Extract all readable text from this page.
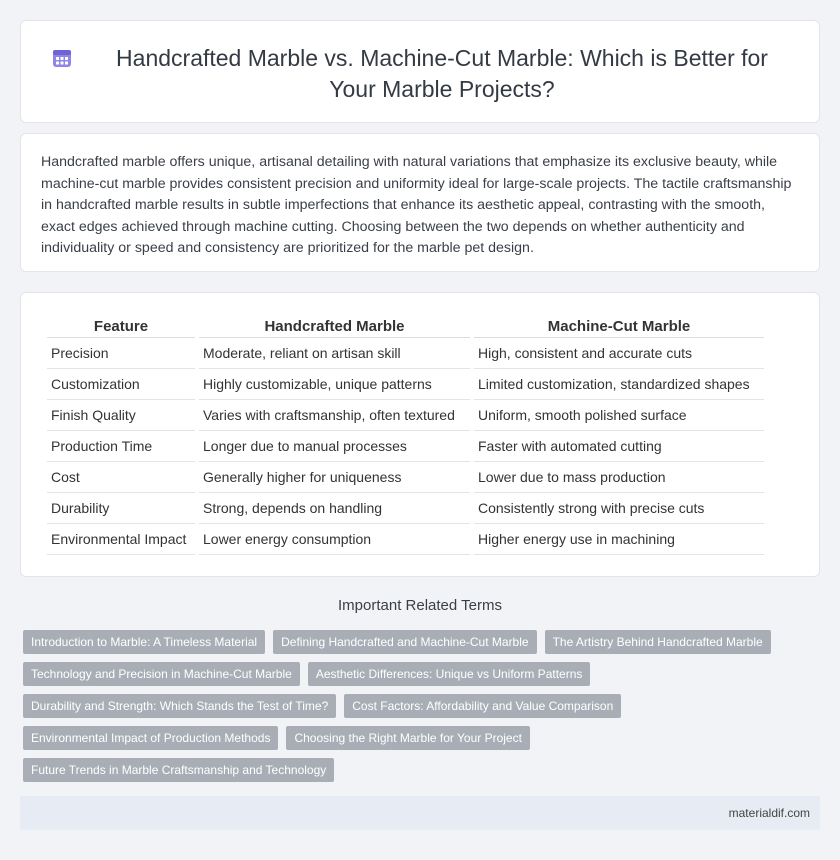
Handcrafted Marble vs. Machine-Cut Marble: Which is Better for Your Marble Projects?

Handcrafted marble offers unique, artisanal detailing with natural variations that emphasize its exclusive beauty, while machine-cut marble provides consistent precision and uniformity ideal for large-scale projects. The tactile craftsmanship in handcrafted marble results in subtle imperfections that enhance its aesthetic appeal, contrasting with the smooth, exact edges achieved through machine cutting. Choosing between the two depends on whether authenticity and individuality or speed and consistency are prioritized for the marble pet design.

Feature	Handcrafted Marble	Machine-Cut Marble
Precision	Moderate, reliant on artisan skill	High, consistent and accurate cuts
Customization	Highly customizable, unique patterns	Limited customization, standardized shapes
Finish Quality	Varies with craftsmanship, often textured	Uniform, smooth polished surface
Production Time	Longer due to manual processes	Faster with automated cutting
Cost	Generally higher for uniqueness	Lower due to mass production
Durability	Strong, depends on handling	Consistently strong with precise cuts
Environmental Impact	Lower energy consumption	Higher energy use in machining
Important Related Terms
Introduction to Marble: A Timeless Material	Defining Handcrafted and Machine-Cut Marble	The Artistry Behind Handcrafted Marble
Technology and Precision in Machine-Cut Marble	Aesthetic Differences: Unique vs Uniform Patterns
Durability and Strength: Which Stands the Test of Time?	Cost Factors: Affordability and Value Comparison
Environmental Impact of Production Methods	Choosing the Right Marble for Your Project
Future Trends in Marble Craftsmanship and Technology
materialdif.com
